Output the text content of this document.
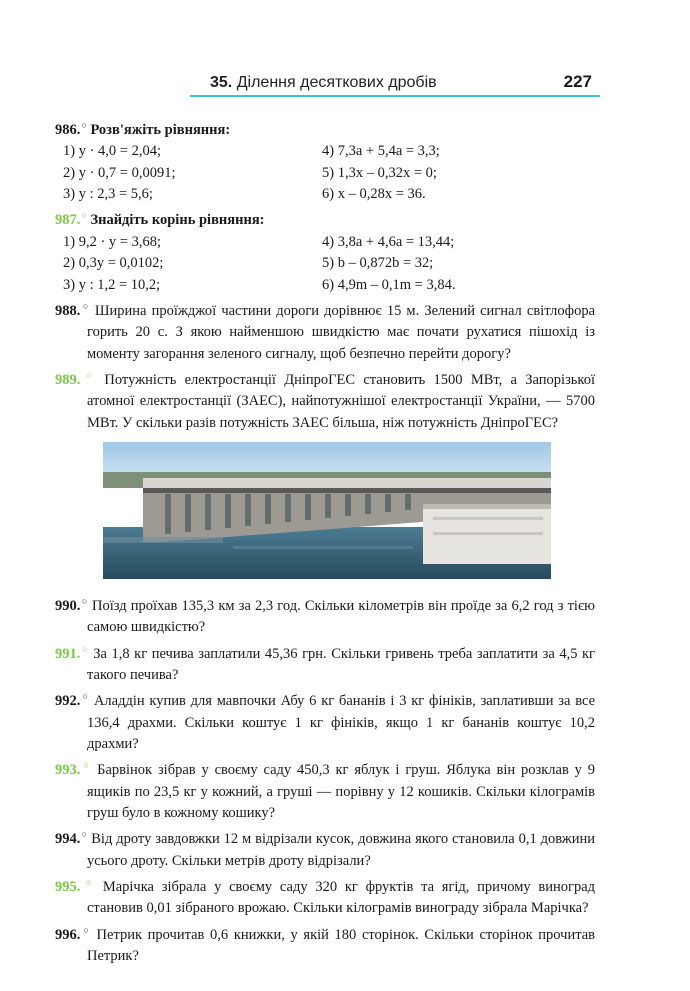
35. Ділення десяткових дробів	227
986.○ Розв'яжіть рівняння:
1) y · 4,0 = 2,04;	4) 7,3a + 5,4a = 3,3;
2) y · 0,7 = 0,0091;	5) 1,3x – 0,32x = 0;
3) y : 2,3 = 5,6;	6) x – 0,28x = 36.
987.○ Знайдіть корінь рівняння:
1) 9,2 · y = 3,68;	4) 3,8a + 4,6a = 13,44;
2) 0,3y = 0,0102;	5) b – 0,872b = 32;
3) y : 1,2 = 10,2;	6) 4,9m – 0,1m = 3,84.
988.○ Ширина проїжджої частини дороги дорівнює 15 м. Зелений сигнал світлофора горить 20 с. З якою найменшою швидкістю має почати рухатися пішохід із моменту загорання зеленого сигналу, щоб безпечно перейти дорогу?
989.○ Потужність електростанції ДніпроГЕС становить 1500 МВт, а Запорізької атомної електростанції (ЗАЕС), найпотужнішої електростанції України, — 5700 МВт. У скільки разів потужність ЗАЕС більша, ніж потужність ДніпроГЕС?
990.○ Поїзд проїхав 135,3 км за 2,3 год. Скільки кілометрів він проїде за 6,2 год з тією самою швидкістю?
991.○ За 1,8 кг печива заплатили 45,36 грн. Скільки гривень треба заплатити за 4,5 кг такого печива?
992.○ Аладдін купив для мавпочки Абу 6 кг бананів і 3 кг фініків, заплативши за все 136,4 драхми. Скільки коштує 1 кг фініків, якщо 1 кг бананів коштує 10,2 драхми?
993.○ Барвінок зібрав у своєму саду 450,3 кг яблук і груш. Яблука він розклав у 9 ящиків по 23,5 кг у кожний, а груші — порівну у 12 кошиків. Скільки кілограмів груш було в кожному кошику?
994.○ Від дроту завдовжки 12 м відрізали кусок, довжина якого становила 0,1 довжини усього дроту. Скільки метрів дроту відрізали?
995.○ Марічка зібрала у своєму саду 320 кг фруктів та ягід, причому виноград становив 0,01 зібраного врожаю. Скільки кілограмів винограду зібрала Марічка?
996.○ Петрик прочитав 0,6 книжки, у якій 180 сторінок. Скільки сторінок прочитав Петрик?
